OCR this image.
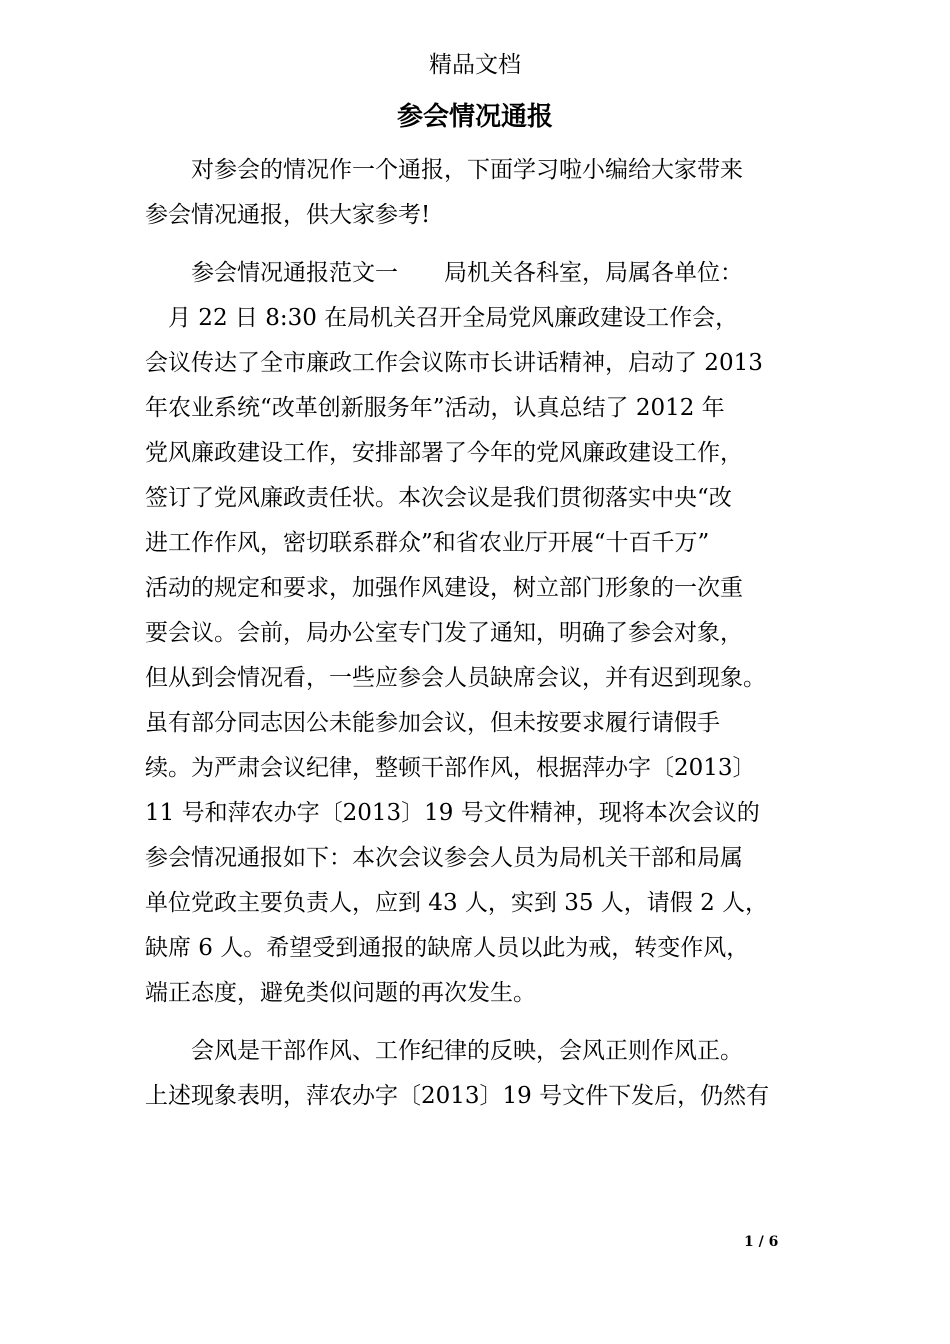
精品文档
参会情况通报
　　对参会的情况作一个通报，下面学习啦小编给大家带来
参会情况通报，供大家参考!
　　参会情况通报范文一　　局机关各科室，局属各单位：
　月 22 日 8:30 在局机关召开全局党风廉政建设工作会，
会议传达了全市廉政工作会议陈市长讲话精神，启动了 2013
年农业系统“改革创新服务年”活动，认真总结了 2012 年
党风廉政建设工作，安排部署了今年的党风廉政建设工作，
签订了党风廉政责任状。本次会议是我们贯彻落实中央“改
进工作作风，密切联系群众”和省农业厅开展“十百千万”
活动的规定和要求，加强作风建设，树立部门形象的一次重
要会议。会前，局办公室专门发了通知，明确了参会对象，
但从到会情况看，一些应参会人员缺席会议，并有迟到现象。
虽有部分同志因公未能参加会议，但未按要求履行请假手
续。为严肃会议纪律，整顿干部作风，根据萍办字〔2013〕
11 号和萍农办字〔2013〕19 号文件精神，现将本次会议的
参会情况通报如下：本次会议参会人员为局机关干部和局属
单位党政主要负责人，应到 43 人，实到 35 人，请假 2 人，
缺席 6 人。希望受到通报的缺席人员以此为戒，转变作风，
端正态度，避免类似问题的再次发生。
　　会风是干部作风、工作纪律的反映，会风正则作风正。
上述现象表明，萍农办字〔2013〕19 号文件下发后，仍然有
1 / 6
